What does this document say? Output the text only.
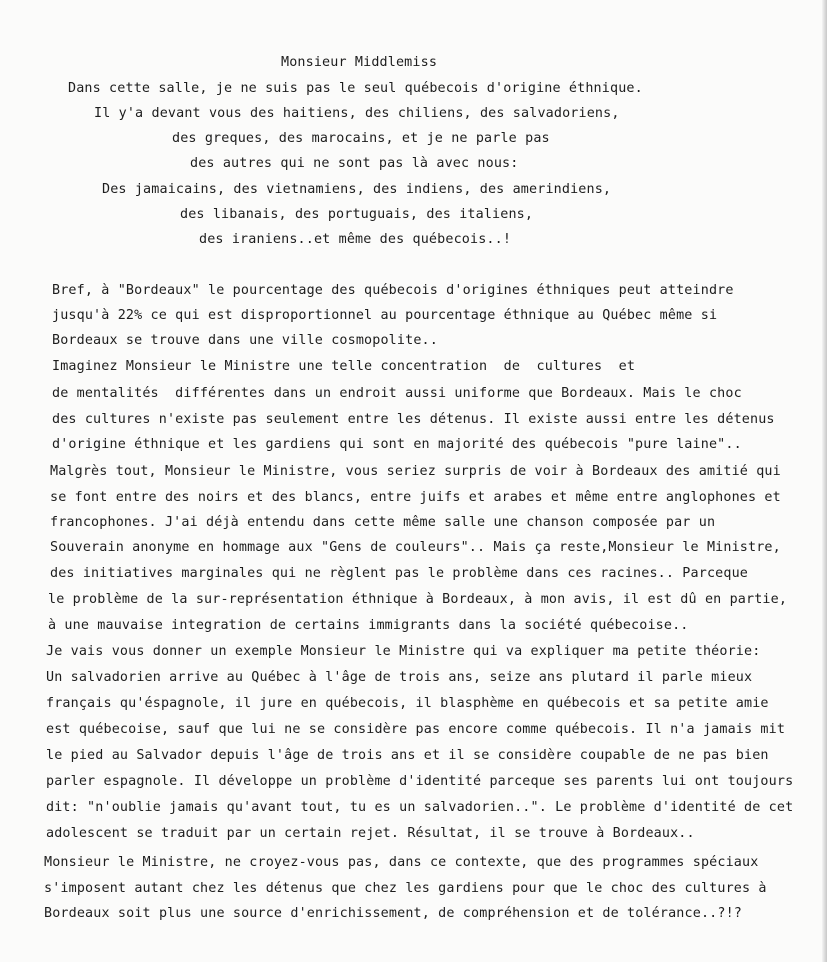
Monsieur Middlemiss
Dans cette salle, je ne suis pas le seul québecois d'origine éthnique.
Il y'a devant vous des haitiens, des chiliens, des salvadoriens,
des greques, des marocains, et je ne parle pas
des autres qui ne sont pas là avec nous:
Des jamaicains, des vietnamiens, des indiens, des amerindiens,
des libanais, des portuguais, des italiens,
des iraniens..et même des québecois..!
Bref, à "Bordeaux" le pourcentage des québecois d'origines éthniques peut atteindre
jusqu'à 22% ce qui est disproportionnel au pourcentage éthnique au Québec même si
Bordeaux se trouve dans une ville cosmopolite..
Imaginez Monsieur le Ministre une telle concentration  de  cultures  et
de mentalités  différentes dans un endroit aussi uniforme que Bordeaux. Mais le choc
des cultures n'existe pas seulement entre les détenus. Il existe aussi entre les détenus
d'origine éthnique et les gardiens qui sont en majorité des québecois "pure laine"..
Malgrès tout, Monsieur le Ministre, vous seriez surpris de voir à Bordeaux des amitié qui
se font entre des noirs et des blancs, entre juifs et arabes et même entre anglophones et
francophones. J'ai déjà entendu dans cette même salle une chanson composée par un
Souverain anonyme en hommage aux "Gens de couleurs".. Mais ça reste,Monsieur le Ministre,
des initiatives marginales qui ne règlent pas le problème dans ces racines.. Parceque
le problème de la sur-représentation éthnique à Bordeaux, à mon avis, il est dû en partie,
à une mauvaise integration de certains immigrants dans la société québecoise..
Je vais vous donner un exemple Monsieur le Ministre qui va expliquer ma petite théorie:
Un salvadorien arrive au Québec à l'âge de trois ans, seize ans plutard il parle mieux
français qu'éspagnole, il jure en québecois, il blasphème en québecois et sa petite amie
est québecoise, sauf que lui ne se considère pas encore comme québecois. Il n'a jamais mit
le pied au Salvador depuis l'âge de trois ans et il se considère coupable de ne pas bien
parler espagnole. Il développe un problème d'identité parceque ses parents lui ont toujours
dit: "n'oublie jamais qu'avant tout, tu es un salvadorien..". Le problème d'identité de cet
adolescent se traduit par un certain rejet. Résultat, il se trouve à Bordeaux..
Monsieur le Ministre, ne croyez-vous pas, dans ce contexte, que des programmes spéciaux
s'imposent autant chez les détenus que chez les gardiens pour que le choc des cultures à
Bordeaux soit plus une source d'enrichissement, de compréhension et de tolérance..?!?
